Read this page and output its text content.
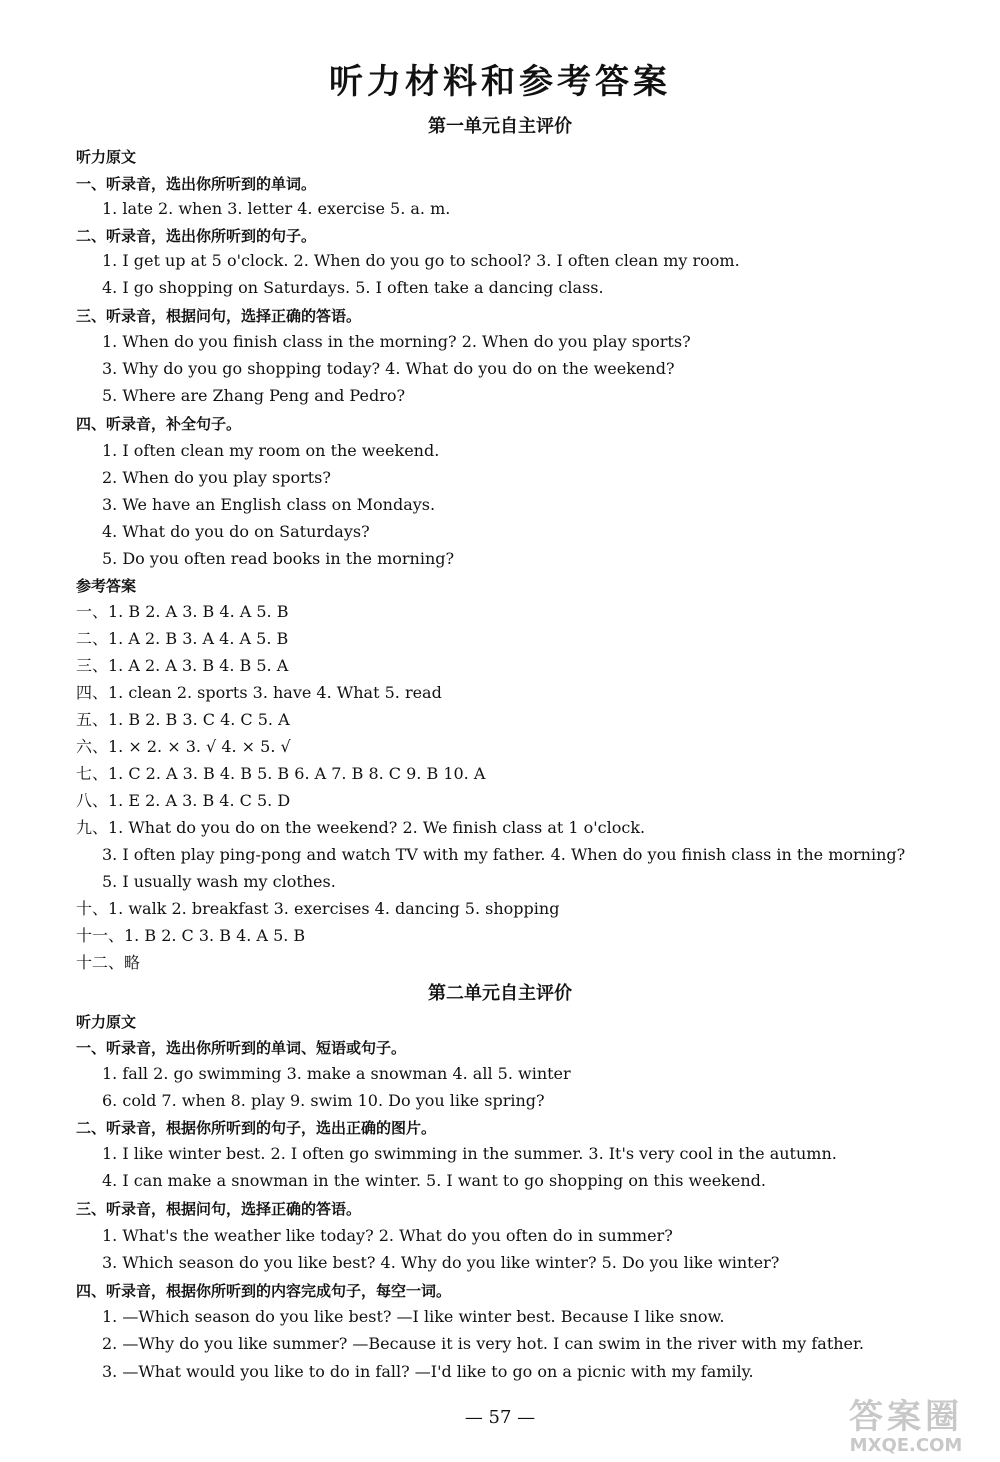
听力材料和参考答案
第一单元自主评价
听力原文
一、听录音，选出你所听到的单词。
1. late 2. when 3. letter 4. exercise 5. a. m.
二、听录音，选出你所听到的句子。
1. I get up at 5 o'clock. 2. When do you go to school? 3. I often clean my room.
4. I go shopping on Saturdays. 5. I often take a dancing class.
三、听录音，根据问句，选择正确的答语。
1. When do you finish class in the morning? 2. When do you play sports?
3. Why do you go shopping today? 4. What do you do on the weekend?
5. Where are Zhang Peng and Pedro?
四、听录音，补全句子。
1. I often clean my room on the weekend.
2. When do you play sports?
3. We have an English class on Mondays.
4. What do you do on Saturdays?
5. Do you often read books in the morning?
参考答案
一、1. B 2. A 3. B 4. A 5. B
二、1. A 2. B 3. A 4. A 5. B
三、1. A 2. A 3. B 4. B 5. A
四、1. clean 2. sports 3. have 4. What 5. read
五、1. B 2. B 3. C 4. C 5. A
六、1. × 2. × 3. √ 4. × 5. √
七、1. C 2. A 3. B 4. B 5. B 6. A 7. B 8. C 9. B 10. A
八、1. E 2. A 3. B 4. C 5. D
九、1. What do you do on the weekend? 2. We finish class at 1 o'clock.
3. I often play ping-pong and watch TV with my father. 4. When do you finish class in the morning?
5. I usually wash my clothes.
十、1. walk 2. breakfast 3. exercises 4. dancing 5. shopping
十一、1. B 2. C 3. B 4. A 5. B
十二、略
第二单元自主评价
听力原文
一、听录音，选出你所听到的单词、短语或句子。
1. fall 2. go swimming 3. make a snowman 4. all 5. winter
6. cold 7. when 8. play 9. swim 10. Do you like spring?
二、听录音，根据你所听到的句子，选出正确的图片。
1. I like winter best. 2. I often go swimming in the summer. 3. It's very cool in the autumn.
4. I can make a snowman in the winter. 5. I want to go shopping on this weekend.
三、听录音，根据问句，选择正确的答语。
1. What's the weather like today? 2. What do you often do in summer?
3. Which season do you like best? 4. Why do you like winter? 5. Do you like winter?
四、听录音，根据你所听到的内容完成句子，每空一词。
1. —Which season do you like best? —I like winter best. Because I like snow.
2. —Why do you like summer? —Because it is very hot. I can swim in the river with my father.
3. —What would you like to do in fall? —I'd like to go on a picnic with my family.
— 57 —	答案圈
MXQE.COM
